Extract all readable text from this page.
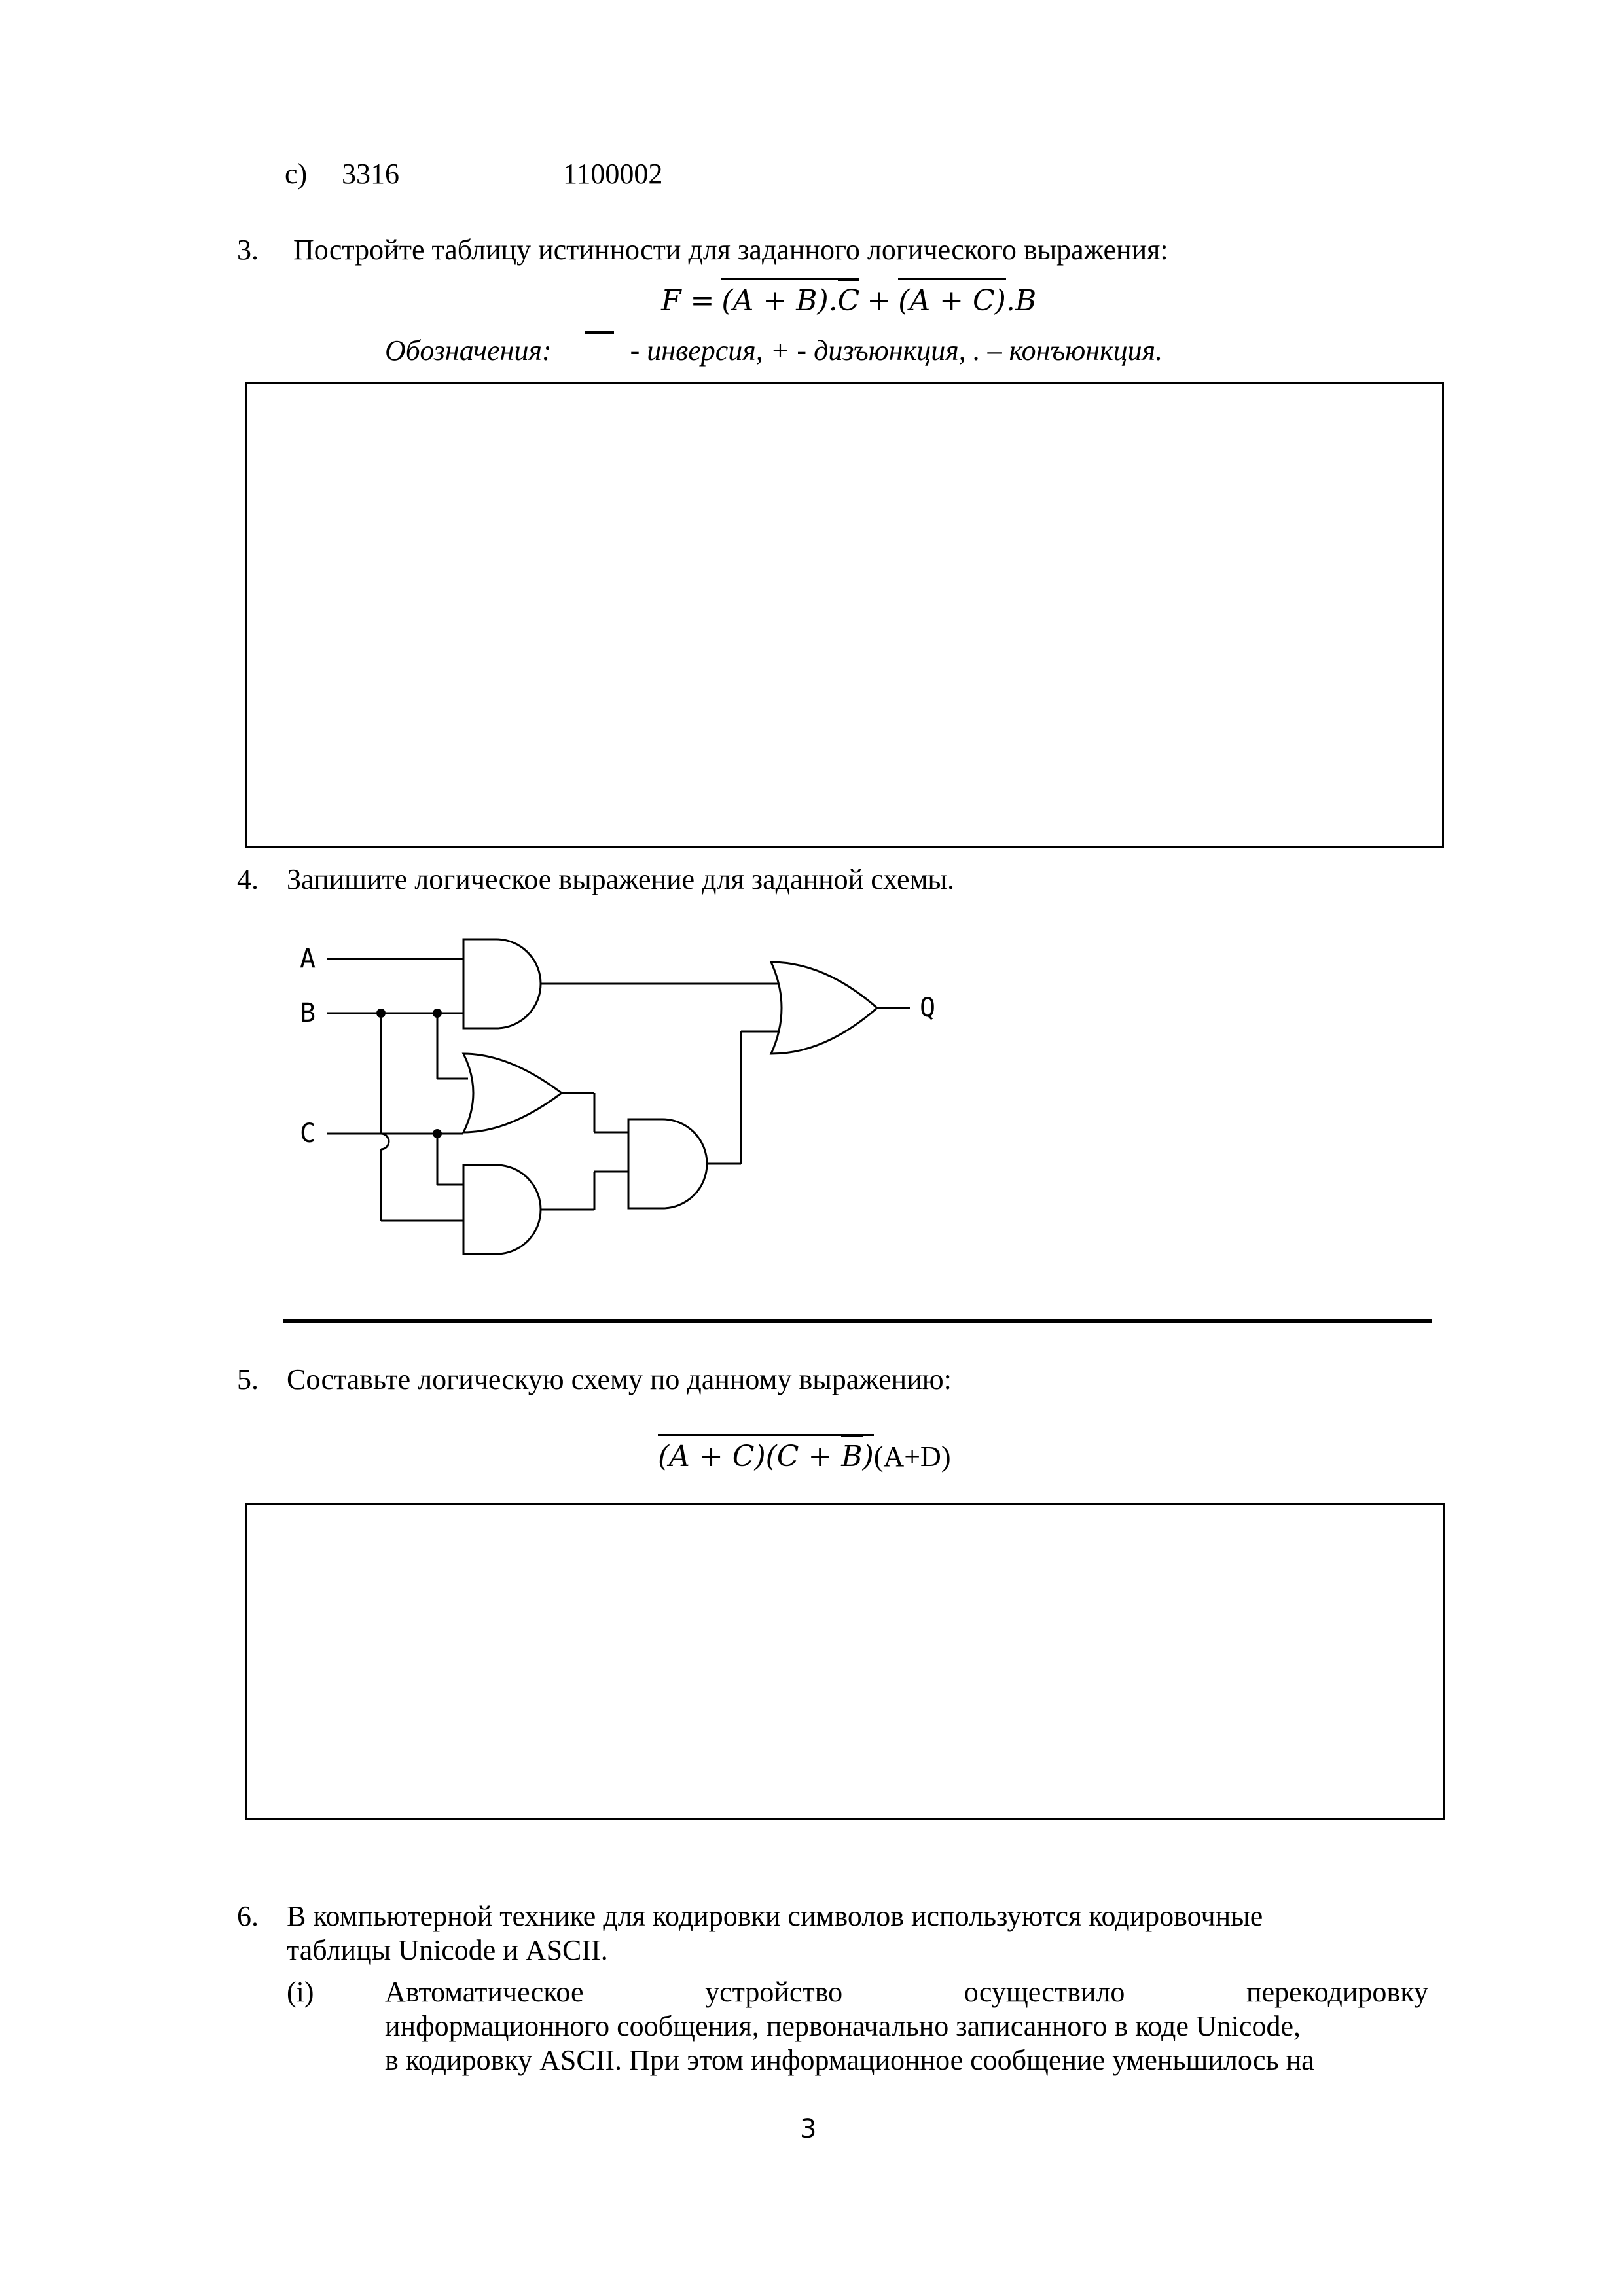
c) 3316	1100002
3. Постройте таблицу истинности для заданного логического выражения:
F = (A + B).C + (A + C).B
Обозначения:	- инверсия, + - дизъюнкция, . – конъюнкция.
4. Запишите логическое выражение для заданной схемы.
A
B
C
Q
5. Составьте логическую схему по данному выражению:
(A + C)(C + B)(A+D)
6. В компьютерной технике для кодировки символов используются кодировочные
таблицы Unicode и ASCII.
(i) Автоматическое	устройство	осуществило	перекодировку
информационного сообщения, первоначально записанного в коде Unicode,
в кодировку ASCII. При этом информационное сообщение уменьшилось на
3
